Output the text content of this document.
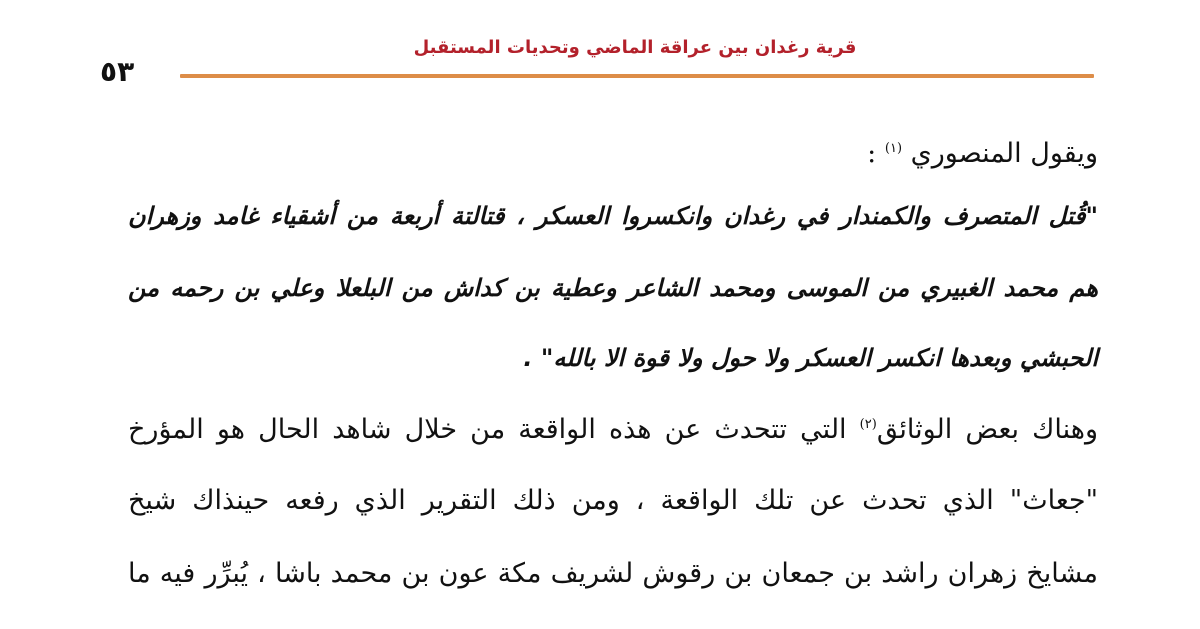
قرية رغدان بين عراقة الماضي وتحديات المستقبل
٥٣
ويقول المنصوري $^{(١)}$ :
"قُتل المتصرف والكمندار في رغدان وانكسروا العسكر ، قتالتة أربعة من أشقياء غامد وزهران
هم محمد الغبيري من الموسى ومحمد الشاعر وعطية بن كداش من البلعلا وعلي بن رحمه من
الحبشي وبعدها انكسر العسكر ولا حول ولا قوة الا بالله" .
وهناك بعض الوثائق$^{(٢)}$ التي تتحدث عن هذه الواقعة من خلال شاهد الحال هو المؤرخ
"جعاث" الذي تحدث عن تلك الواقعة ، ومن ذلك التقرير الذي رفعه حينذاك شيخ
مشايخ زهران راشد بن جمعان بن رقوش لشريف مكة عون بن محمد باشا ، يُبرِّر فيه ما
